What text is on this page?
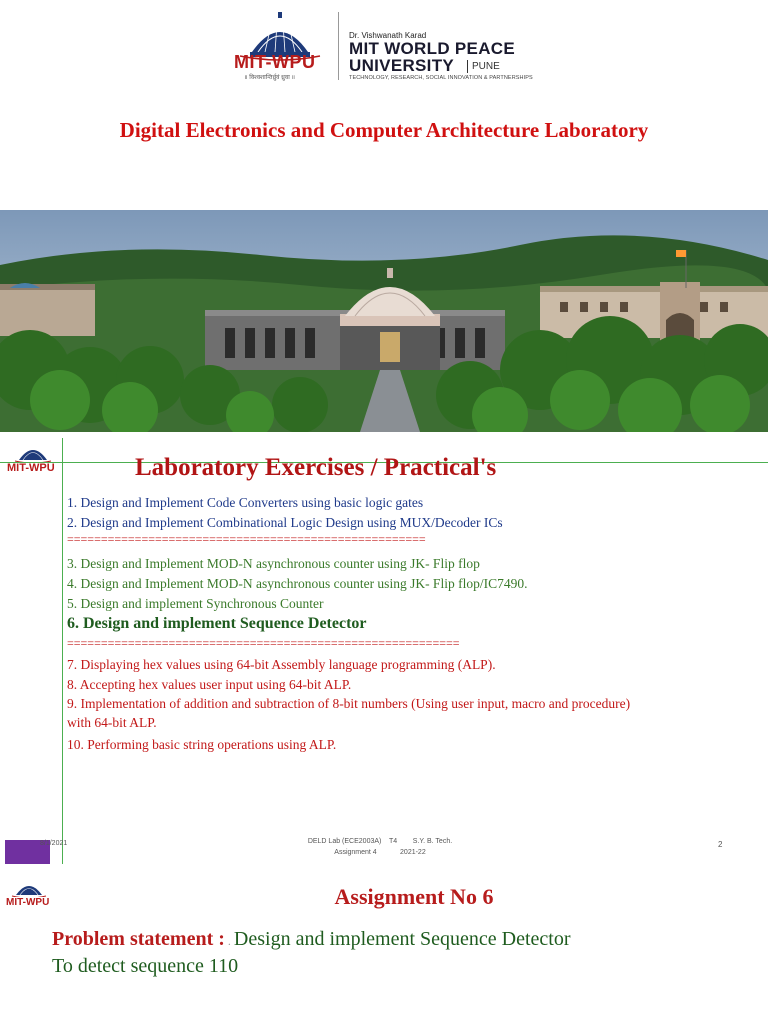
MIT-WPU
॥ विश्वशान्तिर्ध्रुवं ध्रुवा ॥
Dr. Vishwanath Karad
MIT WORLD PEACE
UNIVERSITY PUNE
TECHNOLOGY, RESEARCH, SOCIAL INNOVATION & PARTNERSHIPS
Digital Electronics and Computer Architecture Laboratory
MIT-WPU	Laboratory Exercises / Practical's
1. Design and Implement Code Converters using basic logic gates
2. Design and Implement Combinational Logic Design using MUX/Decoder ICs
=====================================================
3. Design and Implement MOD-N asynchronous counter using JK- Flip flop
4. Design and Implement MOD-N asynchronous counter using JK- Flip flop/IC7490.
5. Design and implement Synchronous Counter
6. Design and implement Sequence Detector
==========================================================
7. Displaying hex values using 64-bit Assembly language programming (ALP).
8. Accepting hex values user input using 64-bit ALP.
9. Implementation of addition and subtraction of 8-bit numbers (Using user input, macro and procedure)
with 64-bit ALP.
10. Performing basic string operations using ALP.
8/1/2021	DELD Lab (ECE2003A)    T4        S.Y. B. Tech.
Assignment 4            2021-22
2
MIT-WPU	Assignment No 6
Problem statement : . Design and implement Sequence Detector
To detect sequence 110
